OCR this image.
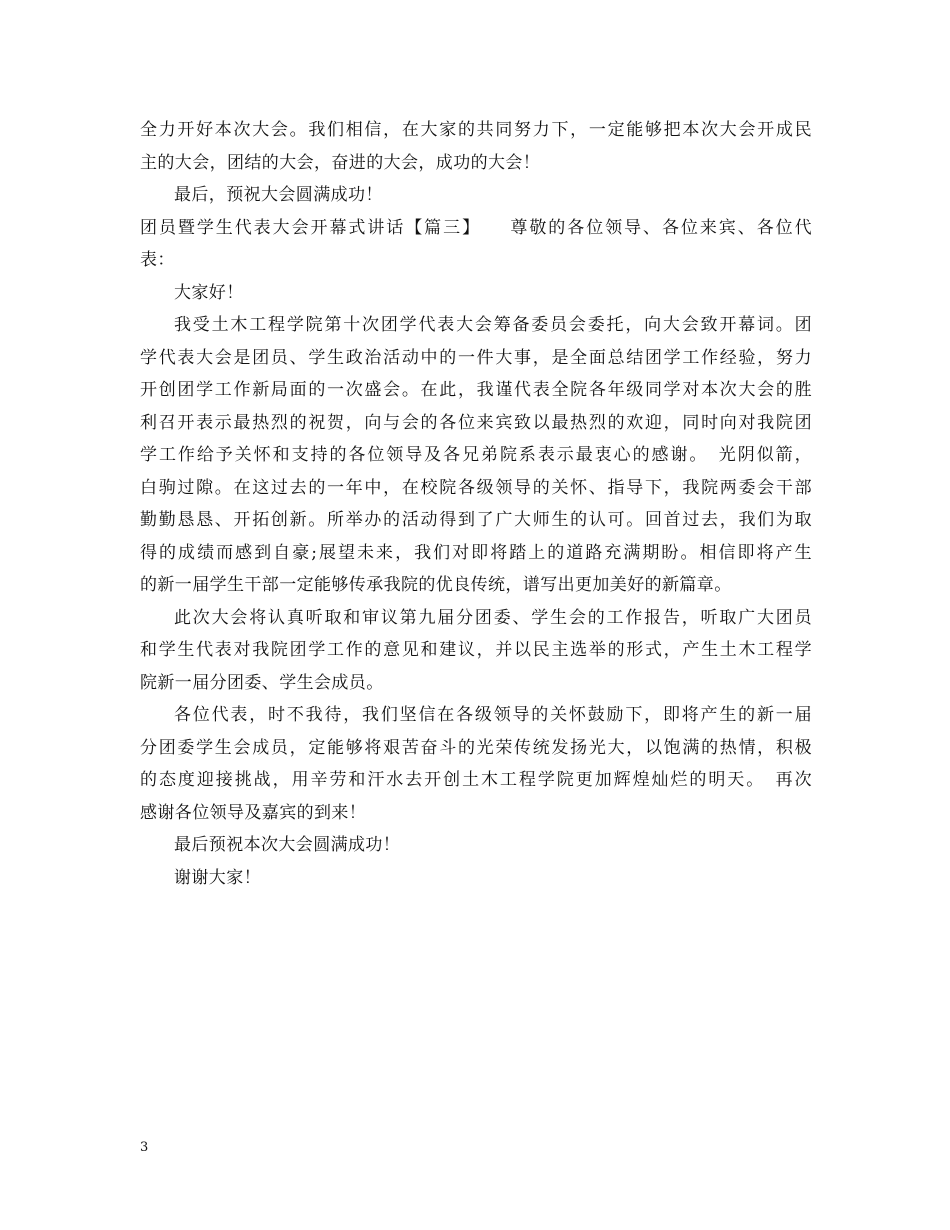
全力开好本次大会。我们相信，在大家的共同努力下，一定能够把本次大会开成民
主的大会，团结的大会，奋进的大会，成功的大会！
最后，预祝大会圆满成功！
团员暨学生代表大会开幕式讲话【篇三】　　尊敬的各位领导、各位来宾、各位代
表：
大家好！
我受土木工程学院第十次团学代表大会筹备委员会委托，向大会致开幕词。团
学代表大会是团员、学生政治活动中的一件大事，是全面总结团学工作经验，努力
开创团学工作新局面的一次盛会。在此，我谨代表全院各年级同学对本次大会的胜
利召开表示最热烈的祝贺，向与会的各位来宾致以最热烈的欢迎，同时向对我院团
学工作给予关怀和支持的各位领导及各兄弟院系表示最衷心的感谢。　光阴似箭，
白驹过隙。在这过去的一年中，在校院各级领导的关怀、指导下，我院两委会干部
勤勤恳恳、开拓创新。所举办的活动得到了广大师生的认可。回首过去，我们为取
得的成绩而感到自豪;展望未来，我们对即将踏上的道路充满期盼。相信即将产生
的新一届学生干部一定能够传承我院的优良传统，谱写出更加美好的新篇章。
此次大会将认真听取和审议第九届分团委、学生会的工作报告，听取广大团员
和学生代表对我院团学工作的意见和建议，并以民主选举的形式，产生土木工程学
院新一届分团委、学生会成员。
各位代表，时不我待，我们坚信在各级领导的关怀鼓励下，即将产生的新一届
分团委学生会成员，定能够将艰苦奋斗的光荣传统发扬光大，以饱满的热情，积极
的态度迎接挑战，用辛劳和汗水去开创土木工程学院更加辉煌灿烂的明天。　再次
感谢各位领导及嘉宾的到来！
最后预祝本次大会圆满成功！
谢谢大家！
3
